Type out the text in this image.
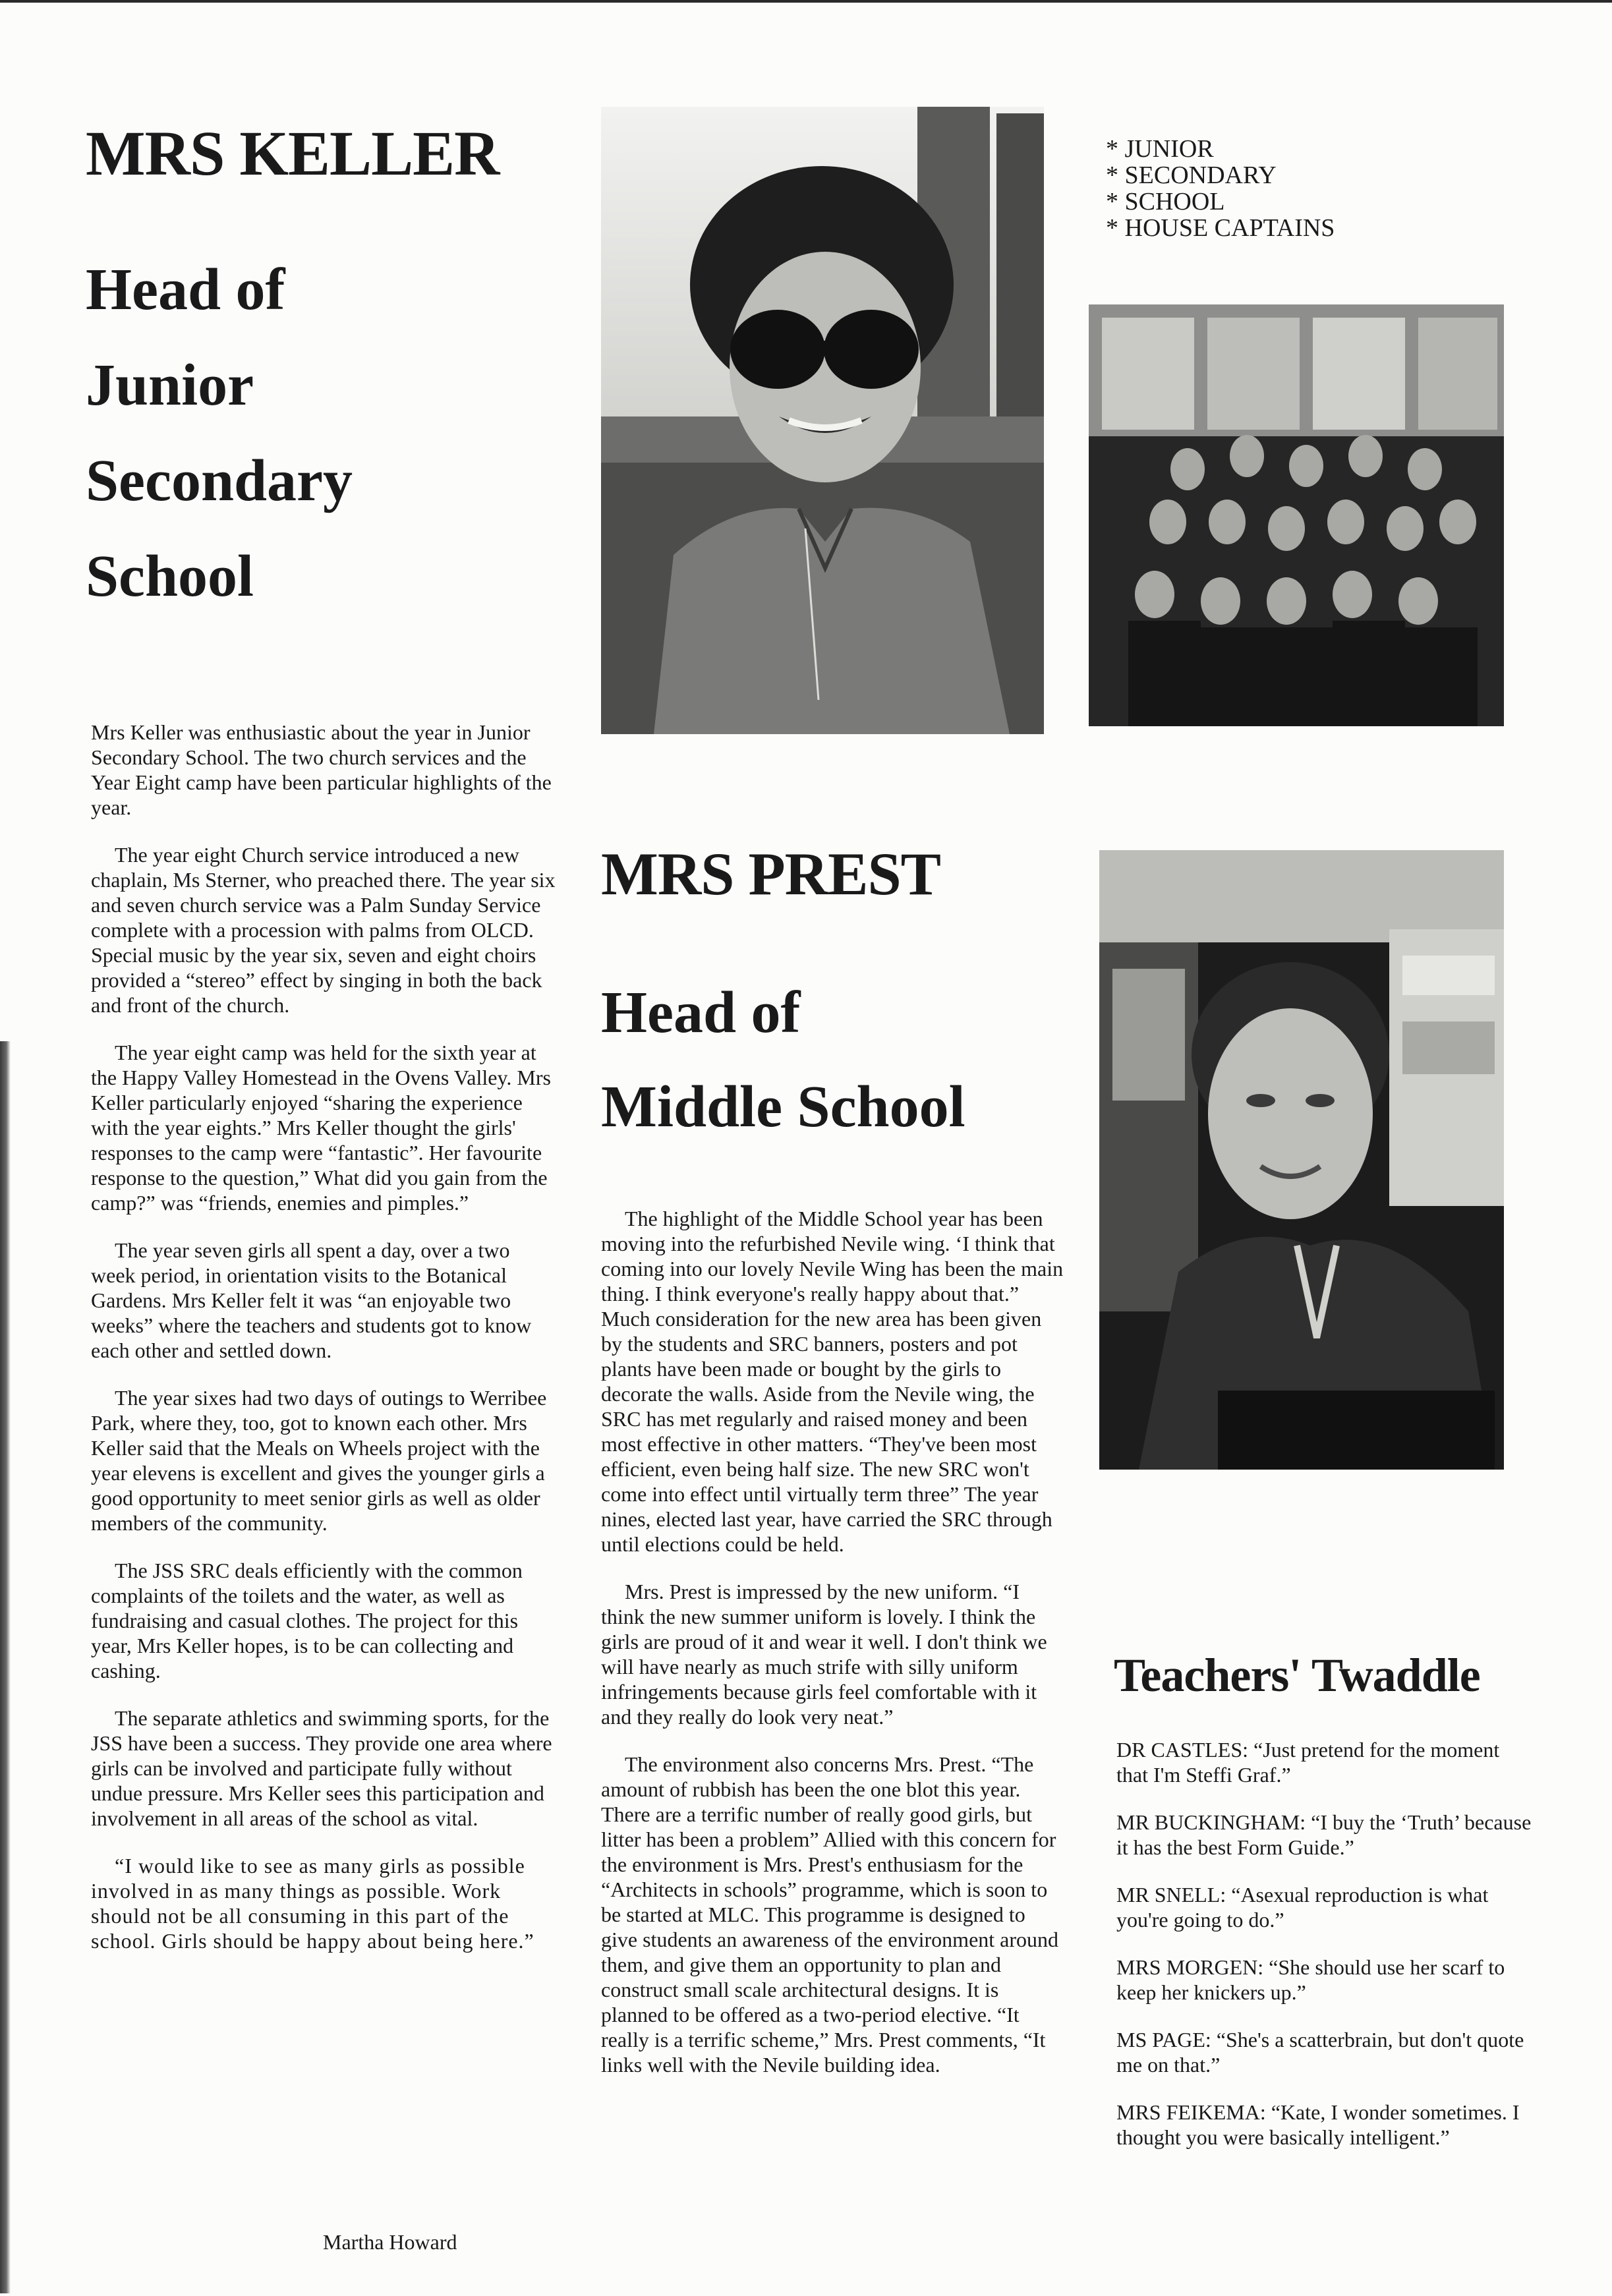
MRS KELLER
Head of
Junior
Secondary
School
* JUNIOR
* SECONDARY
* SCHOOL
* HOUSE CAPTAINS

Mrs Keller was enthusiastic about the year in Junior Secondary School. The two church services and the Year Eight camp have been particular highlights of the year.

The year eight Church service introduced a new chaplain, Ms Sterner, who preached there. The year six and seven church service was a Palm Sunday Service complete with a procession with palms from OLCD. Special music by the year six, seven and eight choirs provided a “stereo” effect by singing in both the back and front of the church.

The year eight camp was held for the sixth year at the Happy Valley Homestead in the Ovens Valley. Mrs Keller particularly enjoyed “sharing the experience with the year eights.” Mrs Keller thought the girls' responses to the camp were “fantastic”. Her favourite response to the question,” What did you gain from the camp?” was “friends, enemies and pimples.”

The year seven girls all spent a day, over a two week period, in orientation visits to the Botanical Gardens. Mrs Keller felt it was “an enjoyable two weeks” where the teachers and students got to know each other and settled down.

The year sixes had two days of outings to Werribee Park, where they, too, got to known each other. Mrs Keller said that the Meals on Wheels project with the year elevens is excellent and gives the younger girls a good opportunity to meet senior girls as well as older members of the community.

The JSS SRC deals efficiently with the common complaints of the toilets and the water, as well as fundraising and casual clothes. The project for this year, Mrs Keller hopes, is to be can collecting and cashing.

The separate athletics and swimming sports, for the JSS have been a success. They provide one area where girls can be involved and participate fully without undue pressure. Mrs Keller sees this participation and involvement in all areas of the school as vital.

“I would like to see as many girls as possible involved in as many things as possible. Work should not be all consuming in this part of the school. Girls should be happy about being here.”

Martha Howard
MRS PREST
Head of
Middle School

The highlight of the Middle School year has been moving into the refurbished Nevile wing. ‘I think that coming into our lovely Nevile Wing has been the main thing. I think everyone's really happy about that.” Much consideration for the new area has been given by the students and SRC banners, posters and pot plants have been made or bought by the girls to decorate the walls. Aside from the Nevile wing, the SRC has met regularly and raised money and been most effective in other matters. “They've been most efficient, even being half size. The new SRC won't come into effect until virtually term three” The year nines, elected last year, have carried the SRC through until elections could be held.

Mrs. Prest is impressed by the new uniform. “I think the new summer uniform is lovely. I think the girls are proud of it and wear it well. I don't think we will have nearly as much strife with silly uniform infringements because girls feel comfortable with it and they really do look very neat.”

The environment also concerns Mrs. Prest. “The amount of rubbish has been the one blot this year. There are a terrific number of really good girls, but litter has been a problem” Allied with this concern for the environment is Mrs. Prest's enthusiasm for the “Architects in schools” programme, which is soon to be started at MLC. This programme is designed to give students an awareness of the environment around them, and give them an opportunity to plan and construct small scale architectural designs. It is planned to be offered as a two-period elective. “It really is a terrific scheme,” Mrs. Prest comments, “It links well with the Nevile building idea.

Teachers' Twaddle

DR CASTLES: “Just pretend for the moment that I'm Steffi Graf.”

MR BUCKINGHAM: “I buy the ‘Truth’ because it has the best Form Guide.”

MR SNELL: “Asexual reproduction is what you're going to do.”

MRS MORGEN: “She should use her scarf to keep her knickers up.”

MS PAGE: “She's a scatterbrain, but don't quote me on that.”

MRS FEIKEMA: “Kate, I wonder sometimes. I thought you were basically intelligent.”
